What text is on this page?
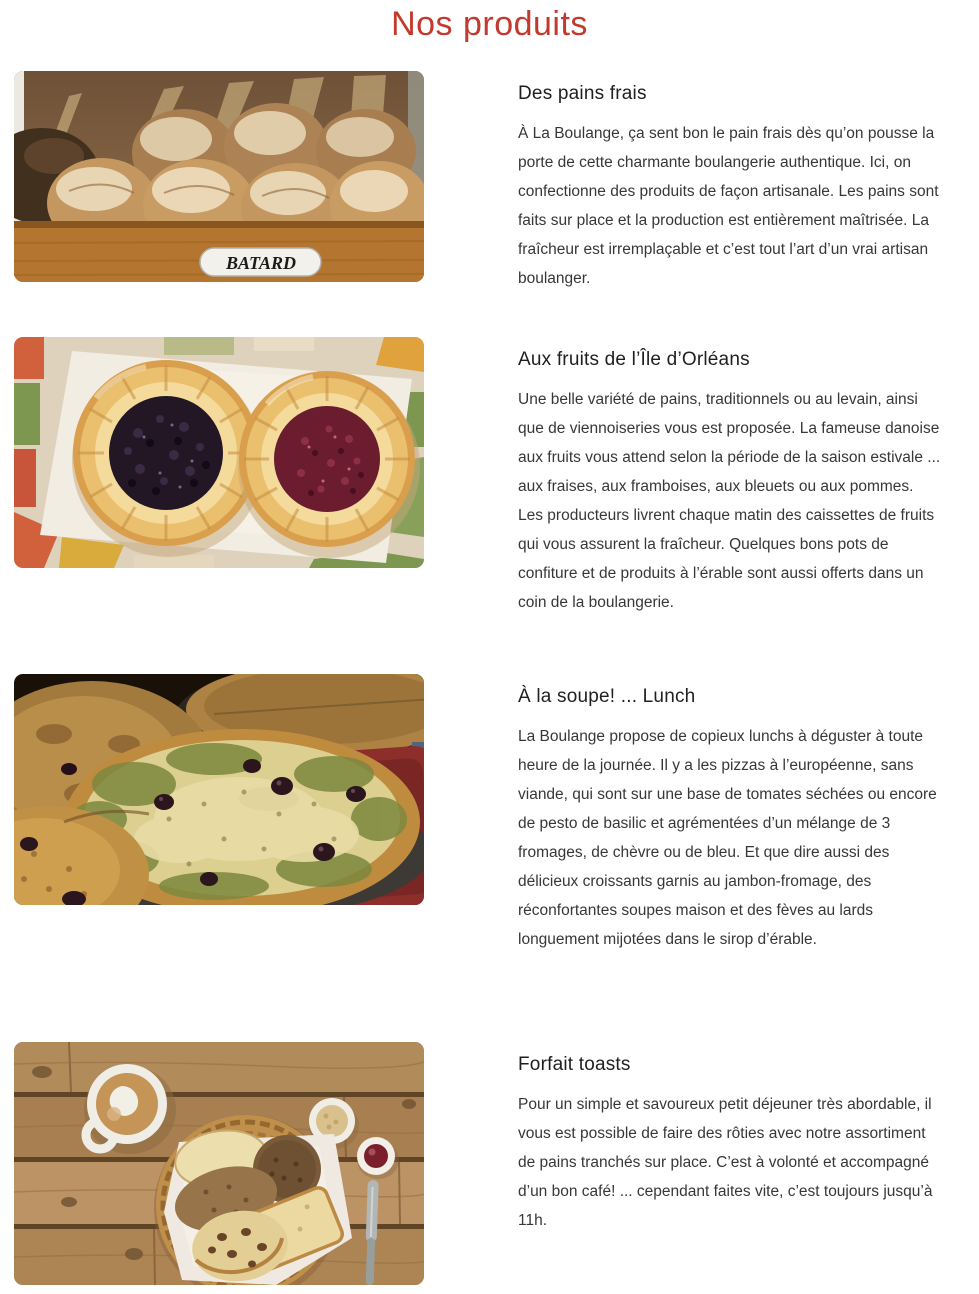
Nos produits
BATARD
Des pains frais

À La Boulange, ça sent bon le pain frais dès qu’on pousse la porte de cette charmante boulangerie authentique. Ici, on confectionne des produits de façon artisanale. Les pains sont faits sur place et la production est entièrement maîtrisée. La fraîcheur est irremplaçable et c’est tout l’art d’un vrai artisan boulanger.

Aux fruits de l’Île d’Orléans

Une belle variété de pains, traditionnels ou au levain, ainsi que de viennoiseries vous est proposée. La fameuse danoise aux fruits vous attend selon la période de la saison estivale ... aux fraises, aux framboises, aux bleuets ou aux pommes. Les producteurs livrent chaque matin des caissettes de fruits qui vous assurent la fraîcheur. Quelques bons pots de confiture et de produits à l’érable sont aussi offerts dans un coin de la boulangerie.

À la soupe! ... Lunch

La Boulange propose de copieux lunchs à déguster à toute heure de la journée. Il y a les pizzas à l’européenne, sans viande, qui sont sur une base de tomates séchées ou encore de pesto de basilic et agrémentées d’un mélange de 3 fromages, de chèvre ou de bleu. Et que dire aussi des délicieux croissants garnis au jambon-fromage, des réconfortantes soupes maison et des fèves au lards longuement mijotées dans le sirop d’érable.

Forfait toasts

Pour un simple et savoureux petit déjeuner très abordable, il vous est possible de faire des rôties avec notre assortiment de pains tranchés sur place. C’est à volonté et accompagné d’un bon café! ... cependant faites vite, c’est toujours jusqu’à 11h.
